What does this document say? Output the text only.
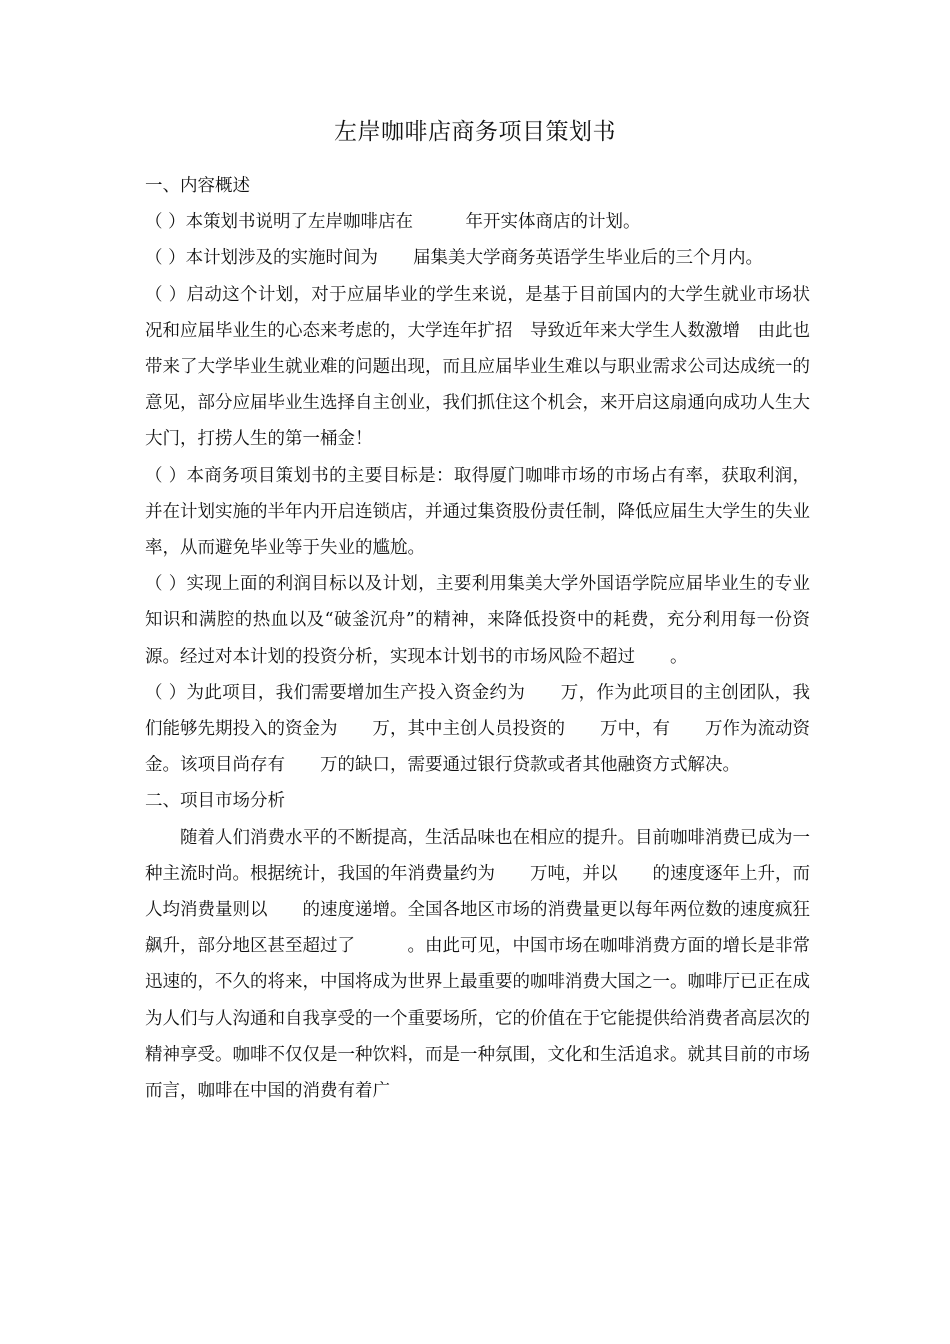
左岸咖啡店商务项目策划书

一、内容概述

（ ）本策划书说明了左岸咖啡店在　　　年开实体商店的计划。

（ ）本计划涉及的实施时间为　　届集美大学商务英语学生毕业后的三个月内。

（ ）启动这个计划，对于应届毕业的学生来说，是基于目前国内的大学生就业市场状况和应届毕业生的心态来考虑的，大学连年扩招　导致近年来大学生人数激增　由此也带来了大学毕业生就业难的问题出现，而且应届毕业生难以与职业需求公司达成统一的意见，部分应届毕业生选择自主创业，我们抓住这个机会，来开启这扇通向成功人生大大门，打捞人生的第一桶金！

（ ）本商务项目策划书的主要目标是：取得厦门咖啡市场的市场占有率，获取利润，并在计划实施的半年内开启连锁店，并通过集资股份责任制，降低应届生大学生的失业率，从而避免毕业等于失业的尴尬。

（ ）实现上面的利润目标以及计划，主要利用集美大学外国语学院应届毕业生的专业知识和满腔的热血以及“破釜沉舟”的精神，来降低投资中的耗费，充分利用每一份资源。经过对本计划的投资分析，实现本计划书的市场风险不超过　　。

（ ）为此项目，我们需要增加生产投入资金约为　　万，作为此项目的主创团队，我们能够先期投入的资金为　　万，其中主创人员投资的　　万中，有　　万作为流动资金。该项目尚存有　　万的缺口，需要通过银行贷款或者其他融资方式解决。

二、项目市场分析

随着人们消费水平的不断提高，生活品味也在相应的提升。目前咖啡消费已成为一种主流时尚。根据统计，我国的年消费量约为　　万吨，并以　　的速度逐年上升，而人均消费量则以　　的速度递增。全国各地区市场的消费量更以每年两位数的速度疯狂飙升，部分地区甚至超过了　　　。由此可见，中国市场在咖啡消费方面的增长是非常迅速的，不久的将来，中国将成为世界上最重要的咖啡消费大国之一。咖啡厅已正在成为人们与人沟通和自我享受的一个重要场所，它的价值在于它能提供给消费者高层次的精神享受。咖啡不仅仅是一种饮料，而是一种氛围，文化和生活追求。就其目前的市场而言，咖啡在中国的消费有着广
